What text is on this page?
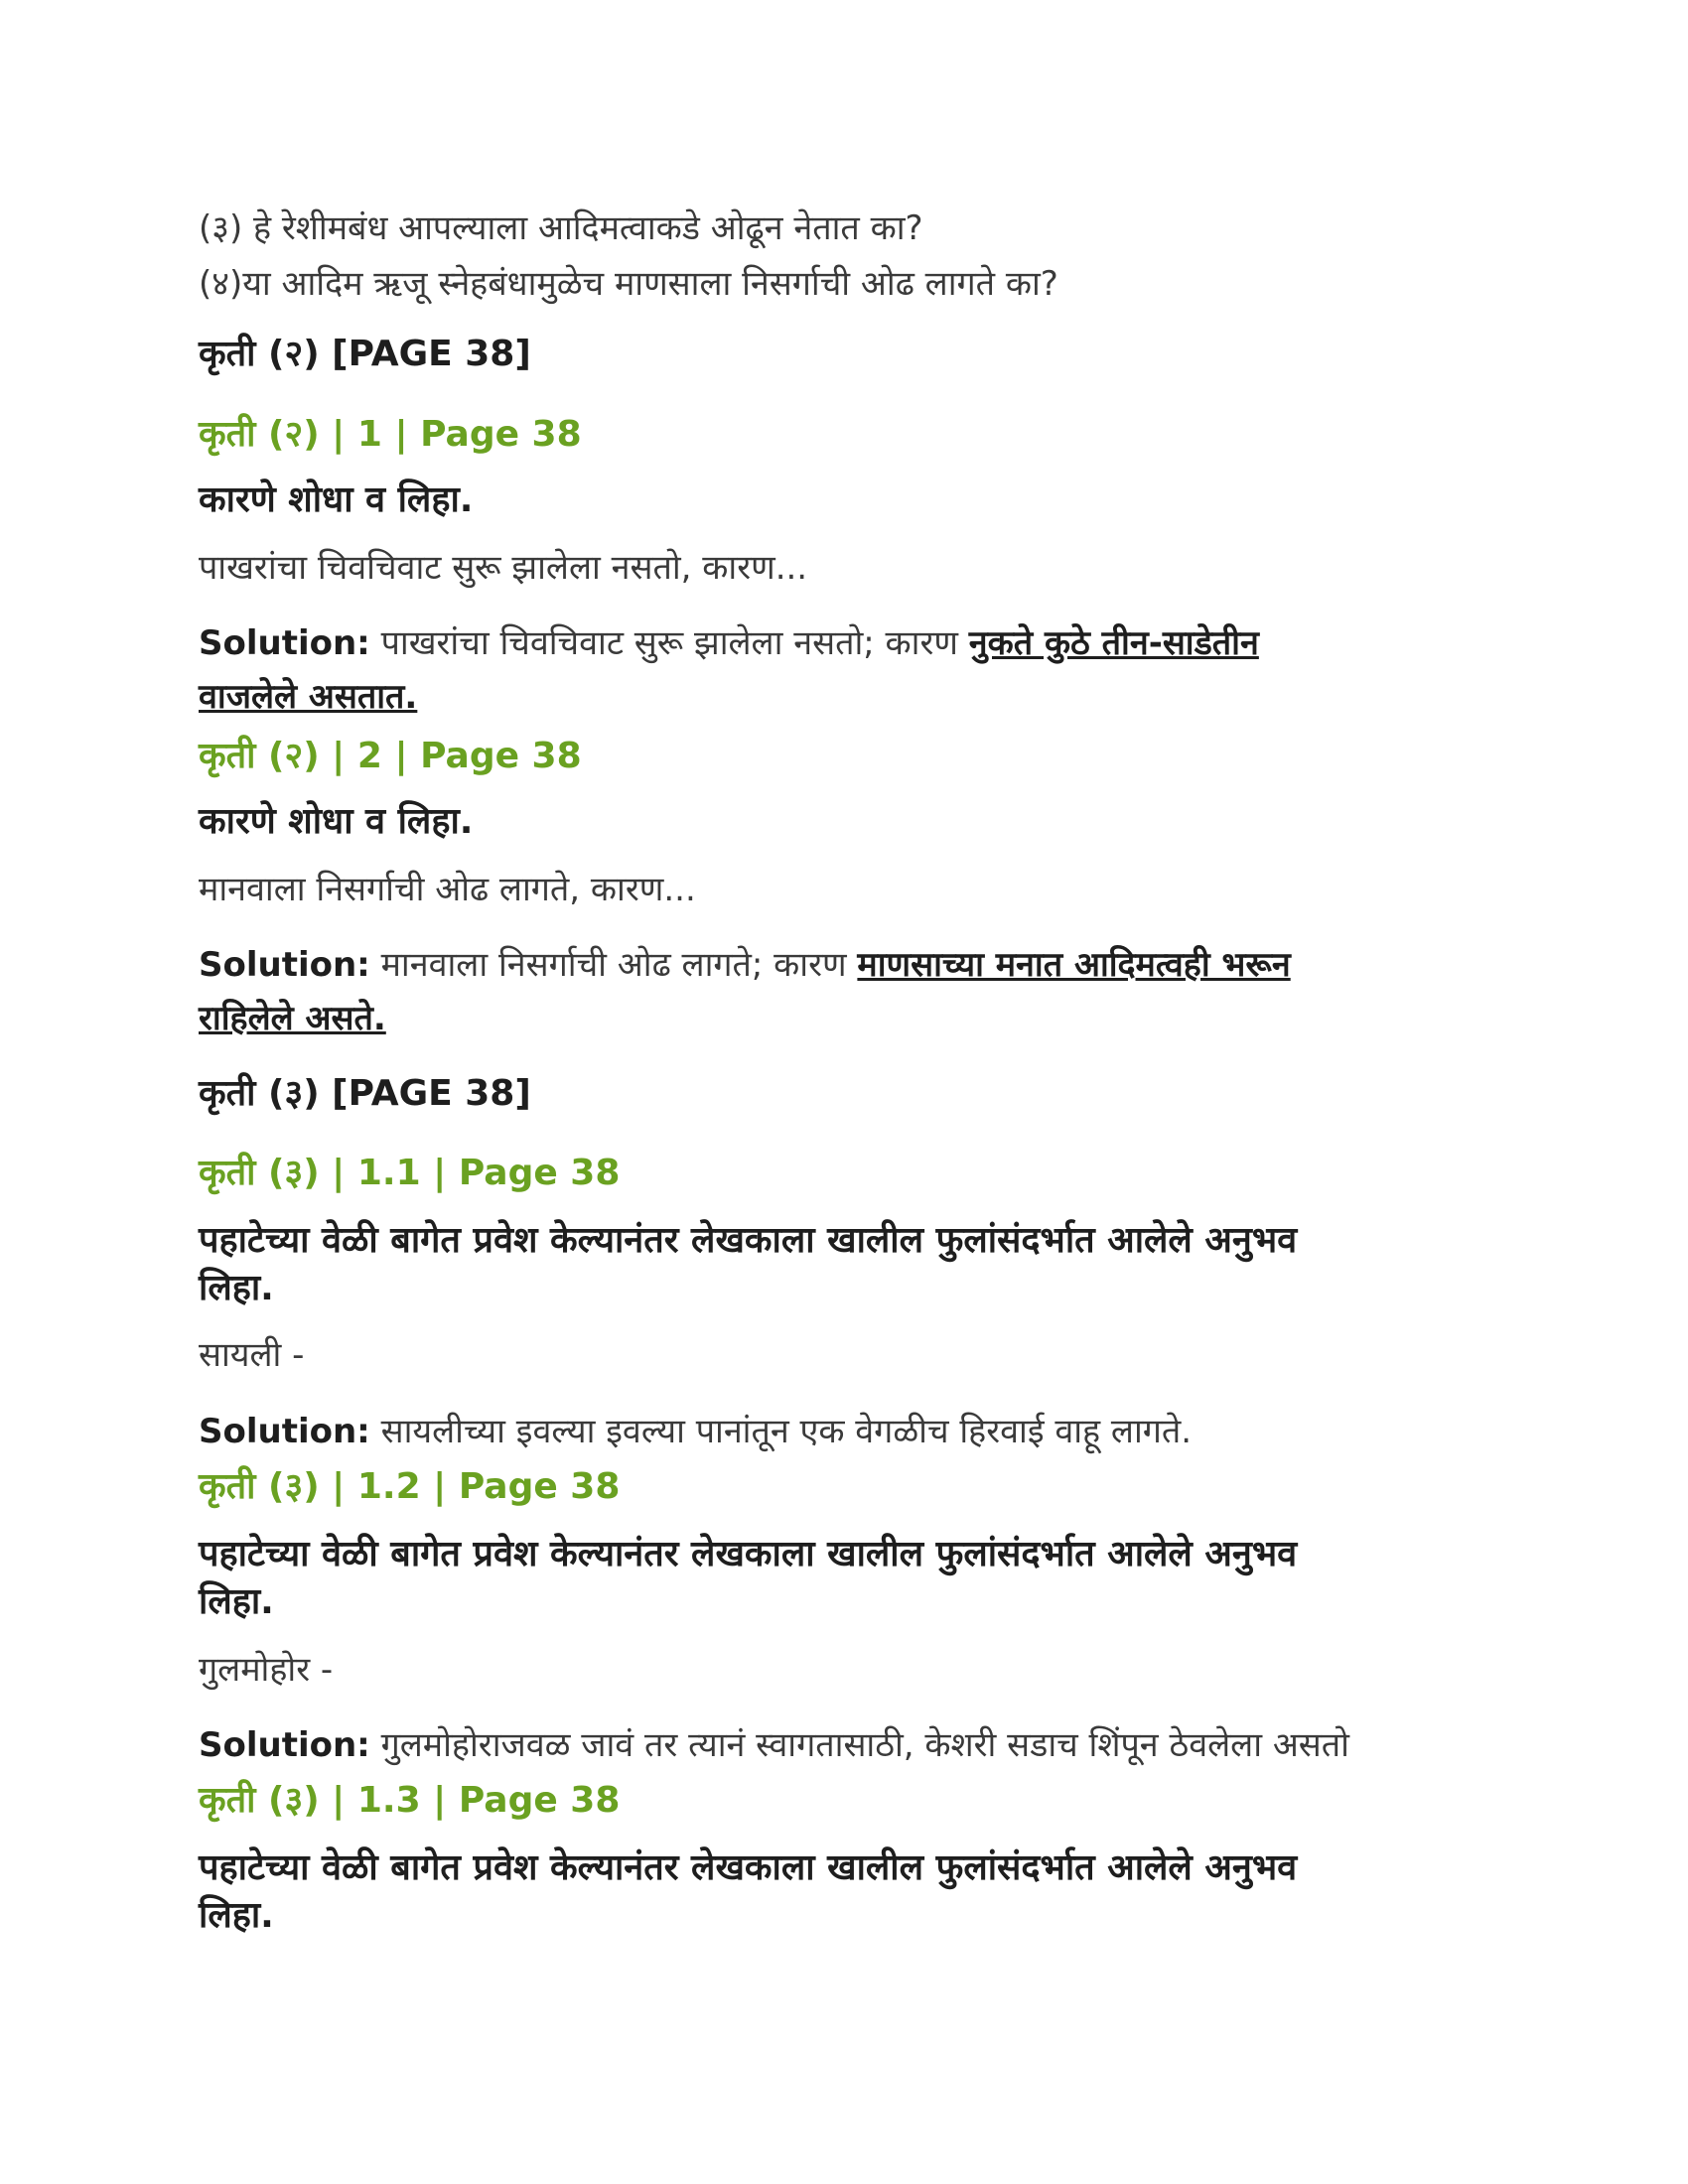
(३) हे रेशीमबंध आपल्याला आदिमत्वाकडे ओढून नेतात का?
(४)या आदिम ऋजू स्नेहबंधामुळेच माणसाला निसर्गाची ओढ लागते का?
कृती (२) [PAGE 38]
कृती (२) | 1 | Page 38
कारणे शोधा व लिहा.
पाखरांचा चिवचिवाट सुरू झालेला नसतो, कारण...
Solution: पाखरांचा चिवचिवाट सुरू झालेला नसतो; कारण नुकते कुठे तीन-साडेतीन
वाजलेले असतात.
कृती (२) | 2 | Page 38
कारणे शोधा व लिहा.
मानवाला निसर्गाची ओढ लागते, कारण...
Solution: मानवाला निसर्गाची ओढ लागते; कारण माणसाच्या मनात आदिमत्वही भरून
राहिलेले असते.
कृती (३) [PAGE 38]
कृती (३) | 1.1 | Page 38
पहाटेच्या वेळी बागेत प्रवेश केल्यानंतर लेखकाला खालील फुलांसंदर्भात आलेले अनुभव
लिहा.
सायली -
Solution: सायलीच्या इवल्या इवल्या पानांतून एक वेगळीच हिरवाई वाहू लागते.
कृती (३) | 1.2 | Page 38
पहाटेच्या वेळी बागेत प्रवेश केल्यानंतर लेखकाला खालील फुलांसंदर्भात आलेले अनुभव
लिहा.
गुलमोहोर -
Solution: गुलमोहोराजवळ जावं तर त्यानं स्वागतासाठी, केशरी सडाच शिंपून ठेवलेला असतो
कृती (३) | 1.3 | Page 38
पहाटेच्या वेळी बागेत प्रवेश केल्यानंतर लेखकाला खालील फुलांसंदर्भात आलेले अनुभव
लिहा.
